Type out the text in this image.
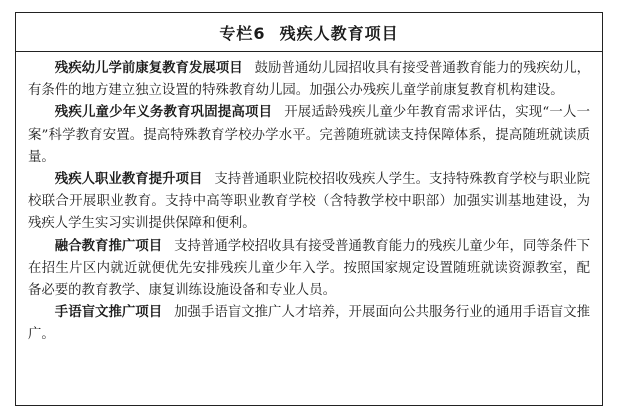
专栏6 残疾人教育项目

残疾幼儿学前康复教育发展项目 鼓励普通幼儿园招收具有接受普通教育能力的残疾幼儿，有条件的地方建立独立设置的特殊教育幼儿园。加强公办残疾儿童学前康复教育机构建设。

残疾儿童少年义务教育巩固提高项目 开展适龄残疾儿童少年教育需求评估，实现“一人一案”科学教育安置。提高特殊教育学校办学水平。完善随班就读支持保障体系，提高随班就读质量。

残疾人职业教育提升项目 支持普通职业院校招收残疾人学生。支持特殊教育学校与职业院校联合开展职业教育。支持中高等职业教育学校（含特教学校中职部）加强实训基地建设，为残疾人学生实习实训提供保障和便利。

融合教育推广项目 支持普通学校招收具有接受普通教育能力的残疾儿童少年，同等条件下在招生片区内就近就便优先安排残疾儿童少年入学。按照国家规定设置随班就读资源教室，配备必要的教育教学、康复训练设施设备和专业人员。

手语盲文推广项目 加强手语盲文推广人才培养，开展面向公共服务行业的通用手语盲文推广。
